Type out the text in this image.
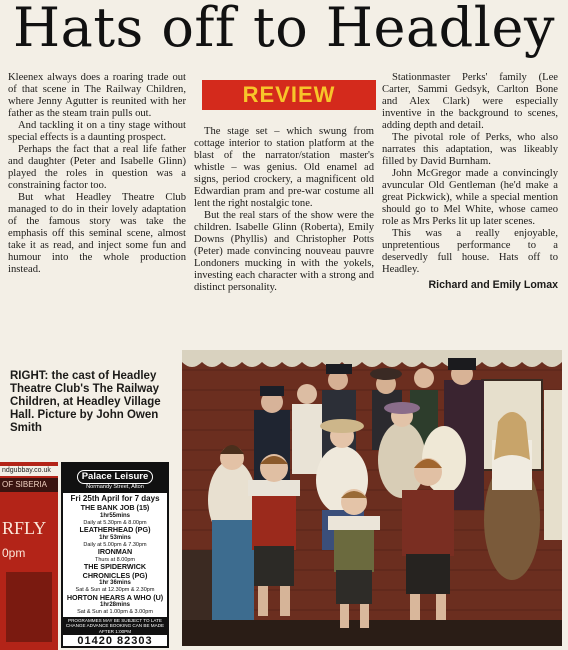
Hats off to Headley

Kleenex always does a roaring trade out of that scene in The Railway Children, where Jenny Agutter is reunited with her father as the steam train pulls out.

And tackling it on a tiny stage without special effects is a daunting prospect.

Perhaps the fact that a real life father and daughter (Peter and Isabelle Glinn) played the roles in question was a constraining factor too.

But what Headley Theatre Club managed to do in their lovely adaptation of the famous story was take the emphasis off this seminal scene, almost take it as read, and inject some fun and humour into the whole production instead.

REVIEW

The stage set – which swung from cottage interior to station platform at the blast of the narrator/station master's whistle – was genius. Old enamel ad signs, period crockery, a magnificent old Edwardian pram and pre-war costume all lent the right nostalgic tone.

But the real stars of the show were the children. Isabelle Glinn (Roberta), Emily Downs (Phyllis) and Christopher Potts (Peter) made convincing nouveau pauvre Londoners mucking in with the yokels, investing each character with a strong and distinct personality.

Stationmaster Perks' family (Lee Carter, Sammi Gedsyk, Carlton Bone and Alex Clark) were especially inventive in the background to scenes, adding depth and detail.

The pivotal role of Perks, who also narrates this adaptation, was likeably filled by David Burnham.

John McGregor made a convincingly avuncular Old Gentleman (he'd make a great Pickwick), while a special mention should go to Mel White, whose cameo role as Mrs Perks lit up later scenes.

This was a really enjoyable, unpretentious performance to a deservedly full house. Hats off to Headley.

Richard and Emily Lomax
RIGHT: the cast of Headley Theatre Club's The Railway Children, at Headley Village Hall. Picture by John Owen Smith
ndgubbay.co.uk
OF SIBERIA
RFLY
0pm
Palace Leisure
Normandy Street, Alton
Fri 25th April for 7 days
THE BANK JOB (15)
1hr55mins
Daily at 5.30pm & 8.00pm
LEATHERHEAD (PG)
1hr 53mins
Daily at 5.00pm & 7.30pm
IRONMAN
Thurs at 8.00pm
THE SPIDERWICK CHRONICLES (PG)
1hr 36mins
Sat & Sun at 12.30pm & 2.30pm
HORTON HEARS A WHO (U)
1hr28mins
Sat & Sun at 1.00pm & 3.00pm
PROGRAMMES MAY BE SUBJECT TO LATE CHANGE ADVANCE BOOKING CAN BE MADE AFTER 1:00PM
01420 82303
